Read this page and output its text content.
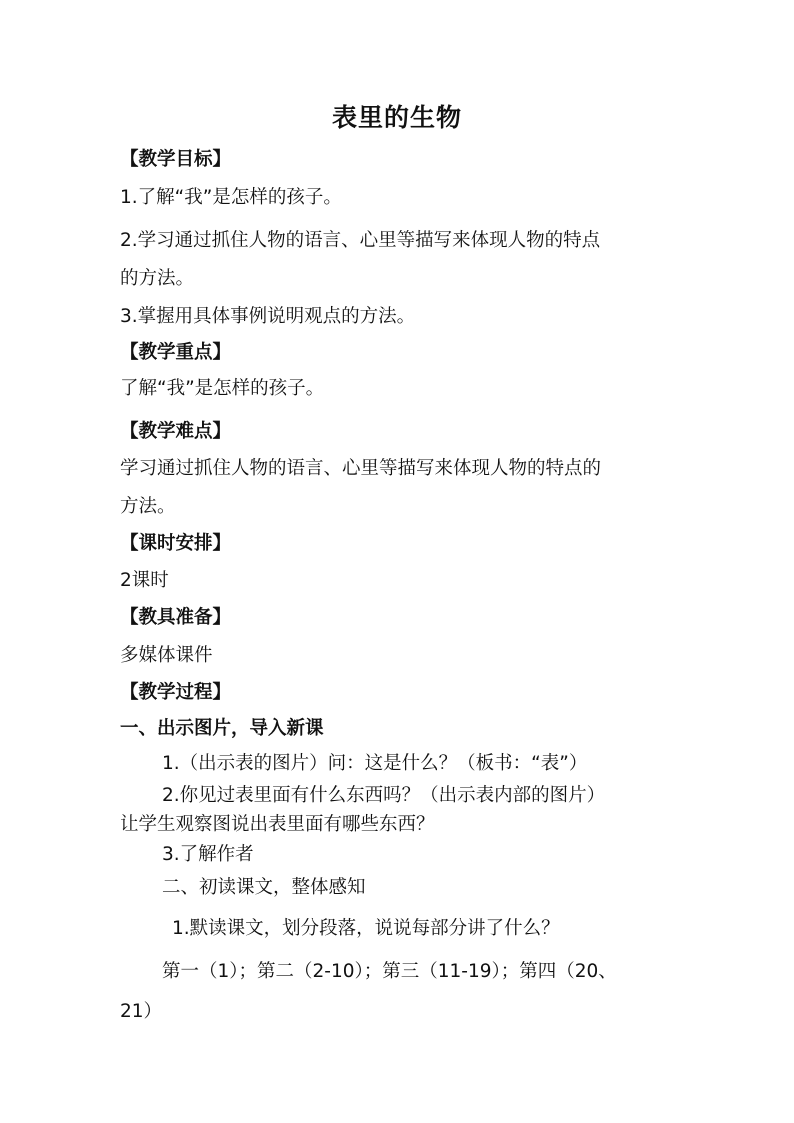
表里的生物
【教学目标】
1.了解“我”是怎样的孩子。
2.学习通过抓住人物的语言、心里等描写来体现人物的特点
的方法。
3.掌握用具体事例说明观点的方法。
【教学重点】
了解“我”是怎样的孩子。
【教学难点】
学习通过抓住人物的语言、心里等描写来体现人物的特点的
方法。
【课时安排】
2课时
【教具准备】
多媒体课件
【教学过程】
一、出示图片，导入新课
1.（出示表的图片）问：这是什么？（板书：“表”）
2.你见过表里面有什么东西吗？（出示表内部的图片）
让学生观察图说出表里面有哪些东西？
3.了解作者
二、初读课文，整体感知
1.默读课文，划分段落，说说每部分讲了什么？
第一（1）；第二（2-10）；第三（11-19）；第四（20、
21）
